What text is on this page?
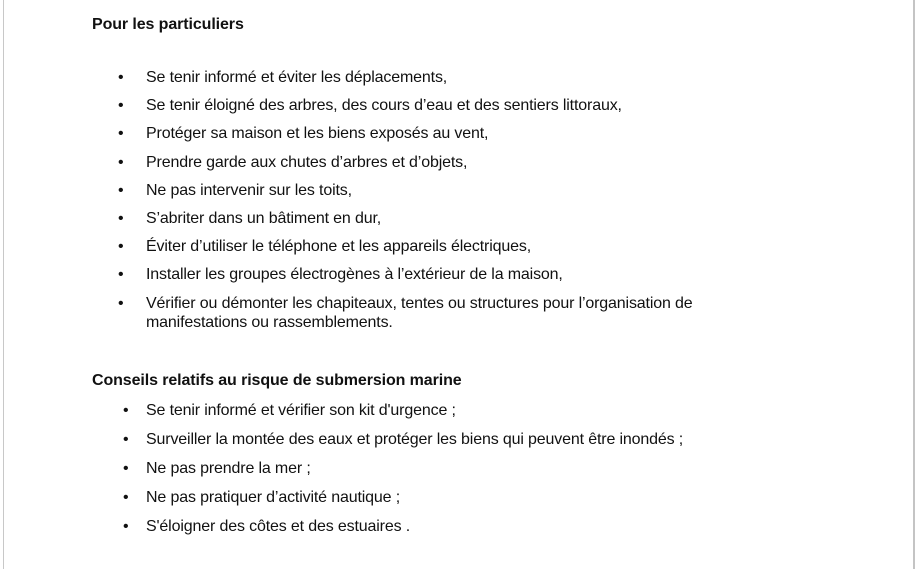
Pour les particuliers
• Se tenir informé et éviter les déplacements,
• Se tenir éloigné des arbres, des cours d’eau et des sentiers littoraux,
• Protéger sa maison et les biens exposés au vent,
• Prendre garde aux chutes d’arbres et d’objets,
• Ne pas intervenir sur les toits,
• S’abriter dans un bâtiment en dur,
• Éviter d’utiliser le téléphone et les appareils électriques,
• Installer les groupes électrogènes à l’extérieur de la maison,
• Vérifier ou démonter les chapiteaux, tentes ou structures pour l’organisation de manifestations ou rassemblements.
Conseils relatifs au risque de submersion marine
• Se tenir informé et vérifier son kit d'urgence ;
• Surveiller la montée des eaux et protéger les biens qui peuvent être inondés ;
• Ne pas prendre la mer ;
• Ne pas pratiquer d’activité nautique ;
• S'éloigner des côtes et des estuaires .
